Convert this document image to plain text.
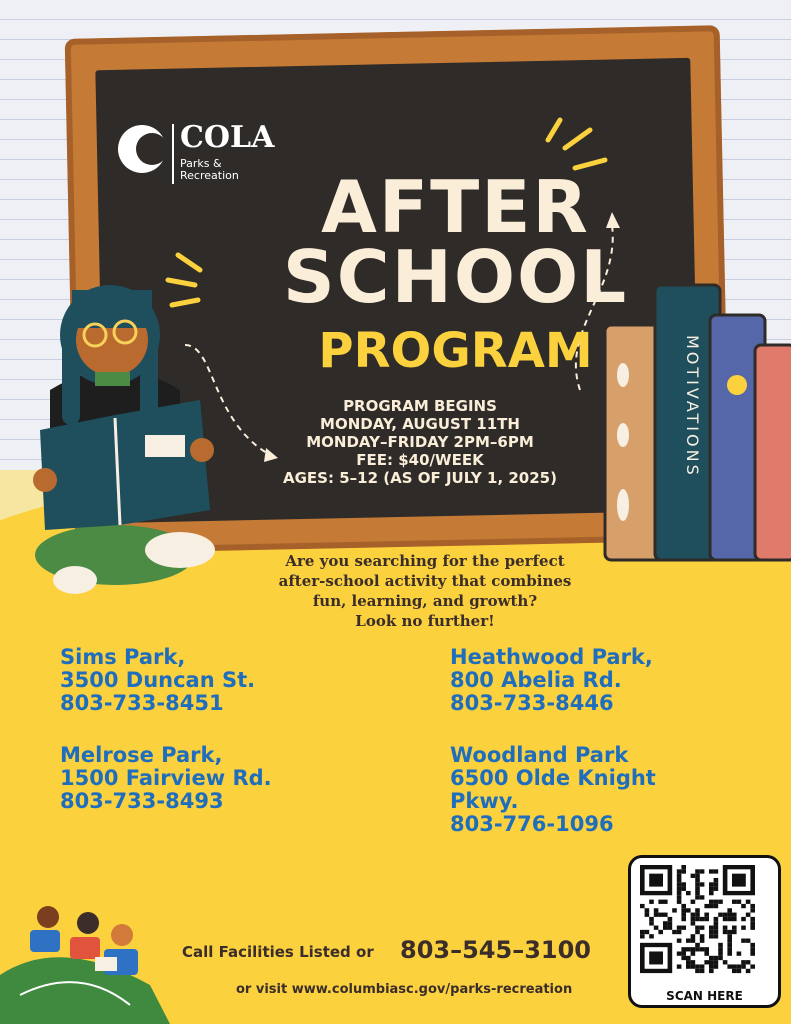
COLA
Parks &
Recreation	AFTER
SCHOOL
PROGRAM
PROGRAM BEGINS
MONDAY, AUGUST 11TH
MONDAY–FRIDAY 2PM–6PM
FEE: $40/WEEK
AGES: 5–12 (AS OF JULY 1, 2025)
MOTIVATIONS
Are you searching for the perfect
after-school activity that combines
fun, learning, and growth?
Look no further!
Sims Park,
3500 Duncan St.
803-733-8451
Heathwood Park,
800 Abelia Rd.
803-733-8446
Melrose Park,
1500 Fairview Rd.
803-733-8493
Woodland Park
6500 Olde Knight
Pkwy.
803-776-1096
Call Facilities Listed or 803–545–3100
or visit www.columbiasc.gov/parks-recreation	SCAN HERE
